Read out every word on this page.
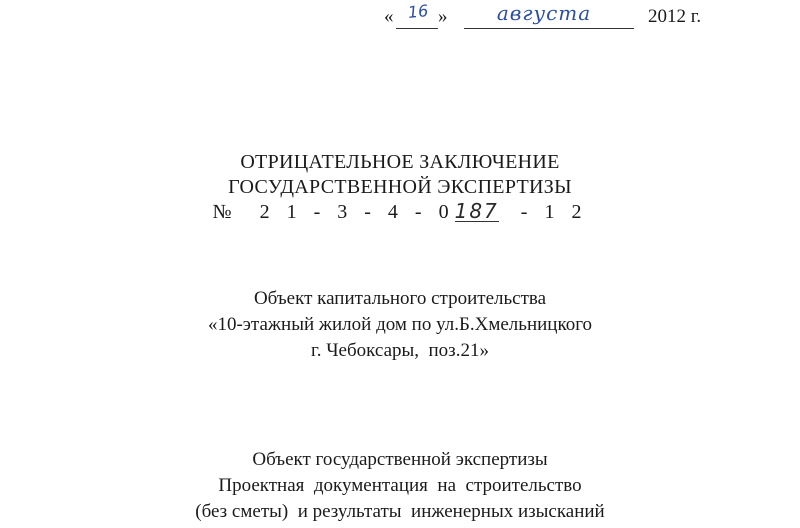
« 16 »	августа	2012 г.
ОТРИЦАТЕЛЬНОЕ ЗАКЛЮЧЕНИЕ
ГОСУДАРСТВЕННОЙ ЭКСПЕРТИЗЫ
№  2 1 - 3 - 4 - 0187  - 1 2
Объект капитального строительства
«10-этажный жилой дом по ул.Б.Хмельницкого
г. Чебоксары,  поз.21»
Объект государственной экспертизы
Проектная  документация  на  строительство
(без сметы)  и результаты  инженерных изысканий
